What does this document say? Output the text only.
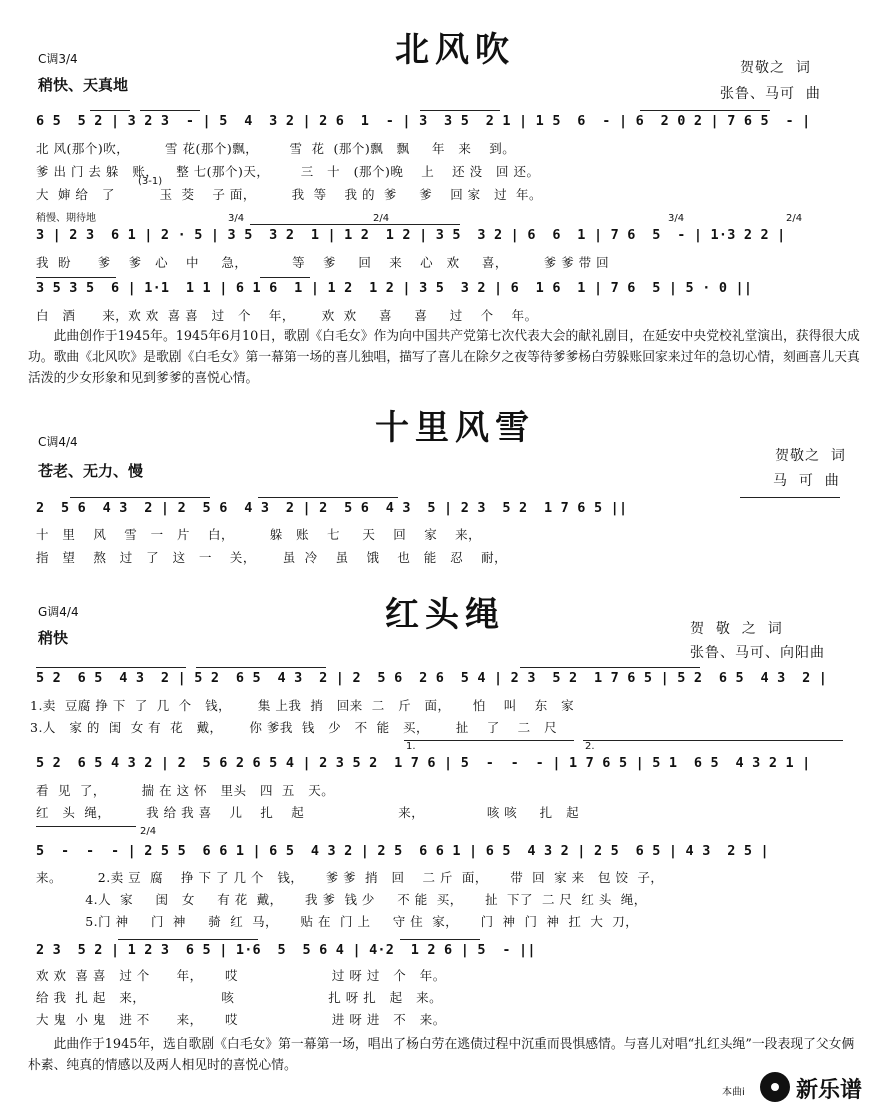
北风吹
C调3/4
稍快、天真地
贺敬之  词
张鲁、马可  曲
6 5  5 2 | 3 2 3  - | 5  4  3 2 | 2 6  1  - | 3  3 5  2 1 | 1 5  6  - | 6  2 0 2 | 7 6 5  - |
北 风(那个)吹，        雪 花(那个)飘，       雪  花  (那个)飘   飘     年   来    到。
爹 出 门 去 躲   账，    整 七(那个)天，       三   十   (那个)晚    上    还 没   回 还。
(3-1)
大  婶 给   了          玉  茭    子 面，        我  等    我 的  爹     爹    回 家   过  年。
稍慢、期待地	3/4	2/4	3/4	2/4
3 | 2 3  6 1 | 2 · 5 | 3 5  3 2  1 | 1 2  1 2 | 3 5  3 2 | 6  6  1 | 7 6  5  - | 1·3 2 2 |
我  盼      爹    爹   心    中     急，          等    爹     回    来    心   欢     喜，        爹 爹 带 回
3 5 3 5  6 | 1·1  1 1 | 6 1 6  1 | 1 2  1 2 | 3 5  3 2 | 6  1 6  1 | 7 6  5 | 5 · 0 ||
白   酒      来，欢 欢  喜 喜   过   个    年，      欢  欢     喜     喜     过    个    年。
此曲创作于1945年。1945年6月10日，歌剧《白毛女》作为向中国共产党第七次代表大会的献礼剧目，在延安中央党校礼堂演出，获得很大成功。歌曲《北风吹》是歌剧《白毛女》第一幕第一场的喜儿独唱，描写了喜儿在除夕之夜等待爹爹杨白劳躲账回家来过年的急切心情，刻画喜儿天真活泼的少女形象和见到爹爹的喜悦心情。
十里风雪
C调4/4
苍老、无力、慢
贺敬之  词
马  可  曲
2  5 6  4 3  2 | 2  5 6  4 3  2 | 2  5 6  4 3  5 | 2 3  5 2  1 7 6 5 ||
十   里    风    雪   一   片    白，        躲   账    七     天    回    家    来，
指   望    熬   过   了   这   一    关，      虽  冷    虽    饿    也   能   忍    耐，
红头绳
G调4/4
稍快	贺  敬  之  词
张鲁、马可、向阳曲
5 2  6 5  4 3  2 | 5 2  6 5  4 3  2 | 2  5 6  2 6  5 4 | 2 3  5 2  1 7 6 5 | 5 2  6 5  4 3  2 |
1.卖  豆腐 挣 下  了  几  个   钱，      集 上我  捎   回来  二   斤   面，     怕    叫    东   家
3.人   家 的  闺  女 有  花   戴，      你 爹我  钱   少   不  能   买，      扯    了    二   尺
1.	2.
5 2  6 5 4 3 2 | 2  5 6 2 6 5 4 | 2 3 5 2  1 7 6 | 5  -  -  - | 1 7 6 5 | 5 1  6 5  4 3 2 1 |
看  见  了，        揣 在 这 怀   里头   四  五   天。
红   头  绳，        我 给 我 喜    儿    扎    起                     来，              咳 咳     扎   起
2/4
5  -  -  - | 2 5 5  6 6 1 | 6 5  4 3 2 | 2 5  6 6 1 | 6 5  4 3 2 | 2 5  6 5 | 4 3  2 5 |
来。        2.卖 豆  腐    挣 下 了 几 个   钱，     爹 爹  捎   回    二 斤  面，     带  回  家 来   包 饺  子，
4.人  家     闺   女     有 花  戴，     我 爹  钱 少     不 能  买，     扯  下了  二 尺  红 头  绳，
5.门 神     门  神     骑  红  马，     贴 在  门 上     守 住  家，     门  神  门  神  扛  大  刀，
2 3  5 2 | 1 2 3  6 5 | 1·6  5  5 6 4 | 4·2  1 2 6 | 5  - ||
欢 欢  喜 喜   过 个      年，     哎                     过 呀 过   个   年。
给 我  扎 起   来，                 咳                     扎 呀 扎   起   来。
大 鬼  小 鬼   进 不      来，     哎                     进 呀 进   不   来。
此曲作于1945年，选自歌剧《白毛女》第一幕第一场，唱出了杨白劳在逃债过程中沉重而畏惧感情。与喜儿对唱“扎红头绳”一段表现了父女俩朴素、纯真的情感以及两人相见时的喜悦心情。
本曲i

新乐谱
